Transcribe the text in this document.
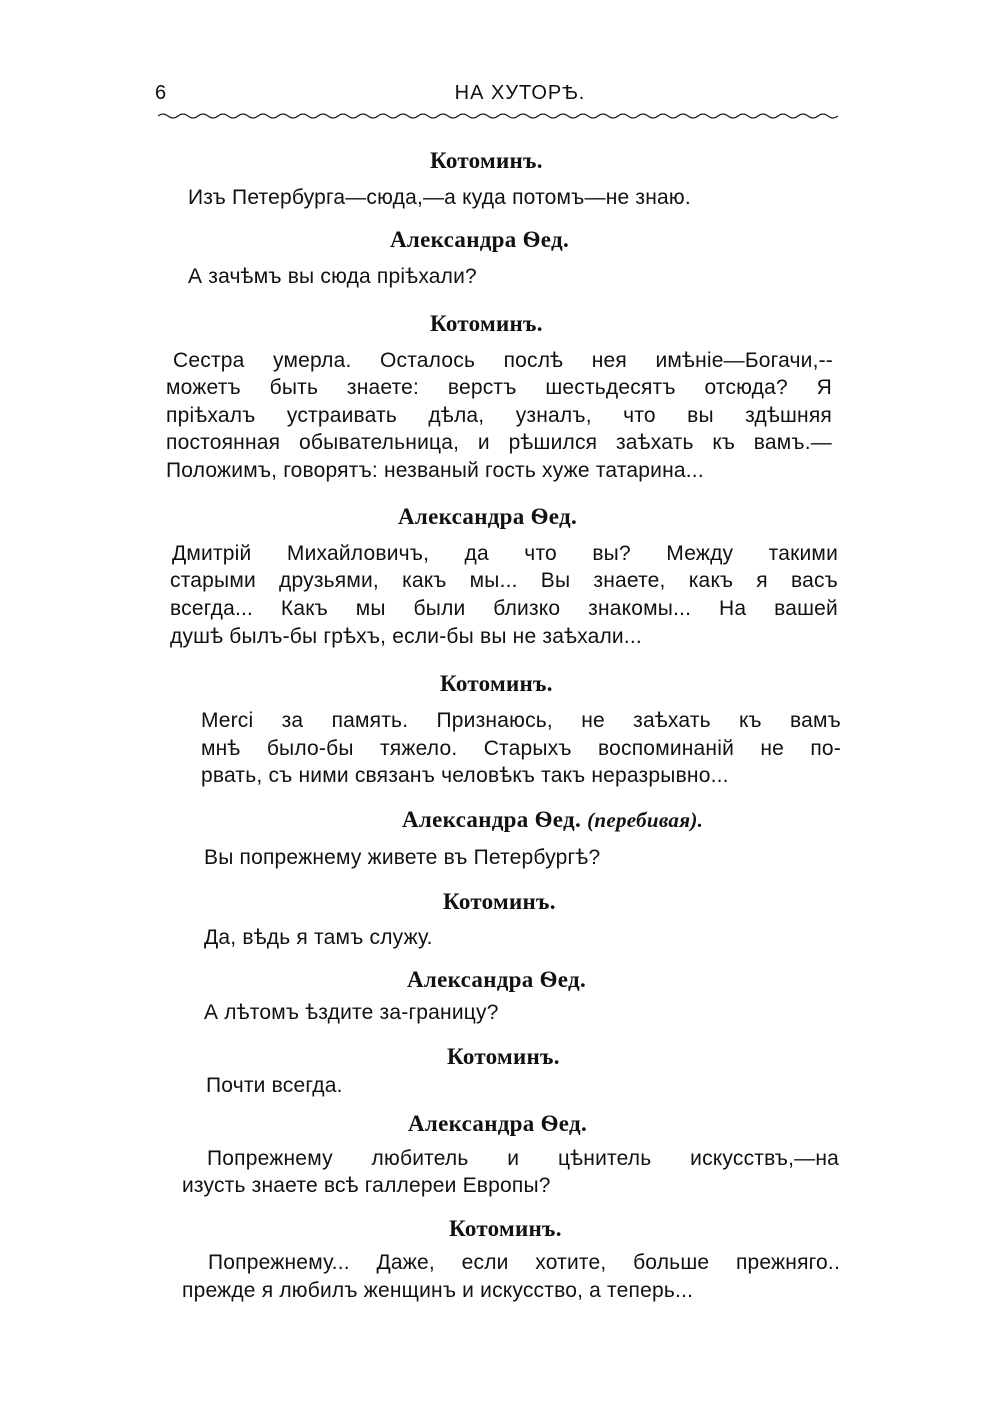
6	НА ХУТОРѢ.
Котоминъ.
Изъ Петербурга—сюда,—а куда потомъ—не знаю.
Александра Ѳед.
А зачѣмъ вы сюда пріѣхали?
Котоминъ.
Сестра умерла. Осталось послѣ нея имѣніе—Богачи,--
можетъ быть знаете: верстъ шестьдесятъ отсюда? Я
пріѣхалъ устраивать дѣла, узналъ, что вы здѣшняя
постоянная обывательница, и рѣшился заѣхать къ вамъ.—
Положимъ, говорятъ: незваный гость хуже татарина...
Александра Ѳед.
Дмитрій Михайловичъ, да что вы? Между такими
старыми друзьями, какъ мы... Вы знаете, какъ я васъ
всегда... Какъ мы были близко знакомы... На вашей
душѣ былъ-бы грѣхъ, если-бы вы не заѣхали...
Котоминъ.
Merci за память. Признаюсь, не заѣхать къ вамъ
мнѣ было-бы тяжело. Старыхъ воспоминаній не по-
рвать, съ ними связанъ человѣкъ такъ неразрывно...
Александра Ѳед. (перебивая).
Вы попрежнему живете въ Петербургѣ?
Котоминъ.
Да, вѣдь я тамъ служу.
Александра Ѳед.
А лѣтомъ ѣздите за-границу?
Котоминъ.
Почти всегда.
Александра Ѳед.
Попрежнему любитель и цѣнитель искусствъ,—на
изусть знаете всѣ галлереи Европы?
Котоминъ.
Попрежнему... Даже, если хотите, больше прежняго..
прежде я любилъ женщинъ и искусство, а теперь...
